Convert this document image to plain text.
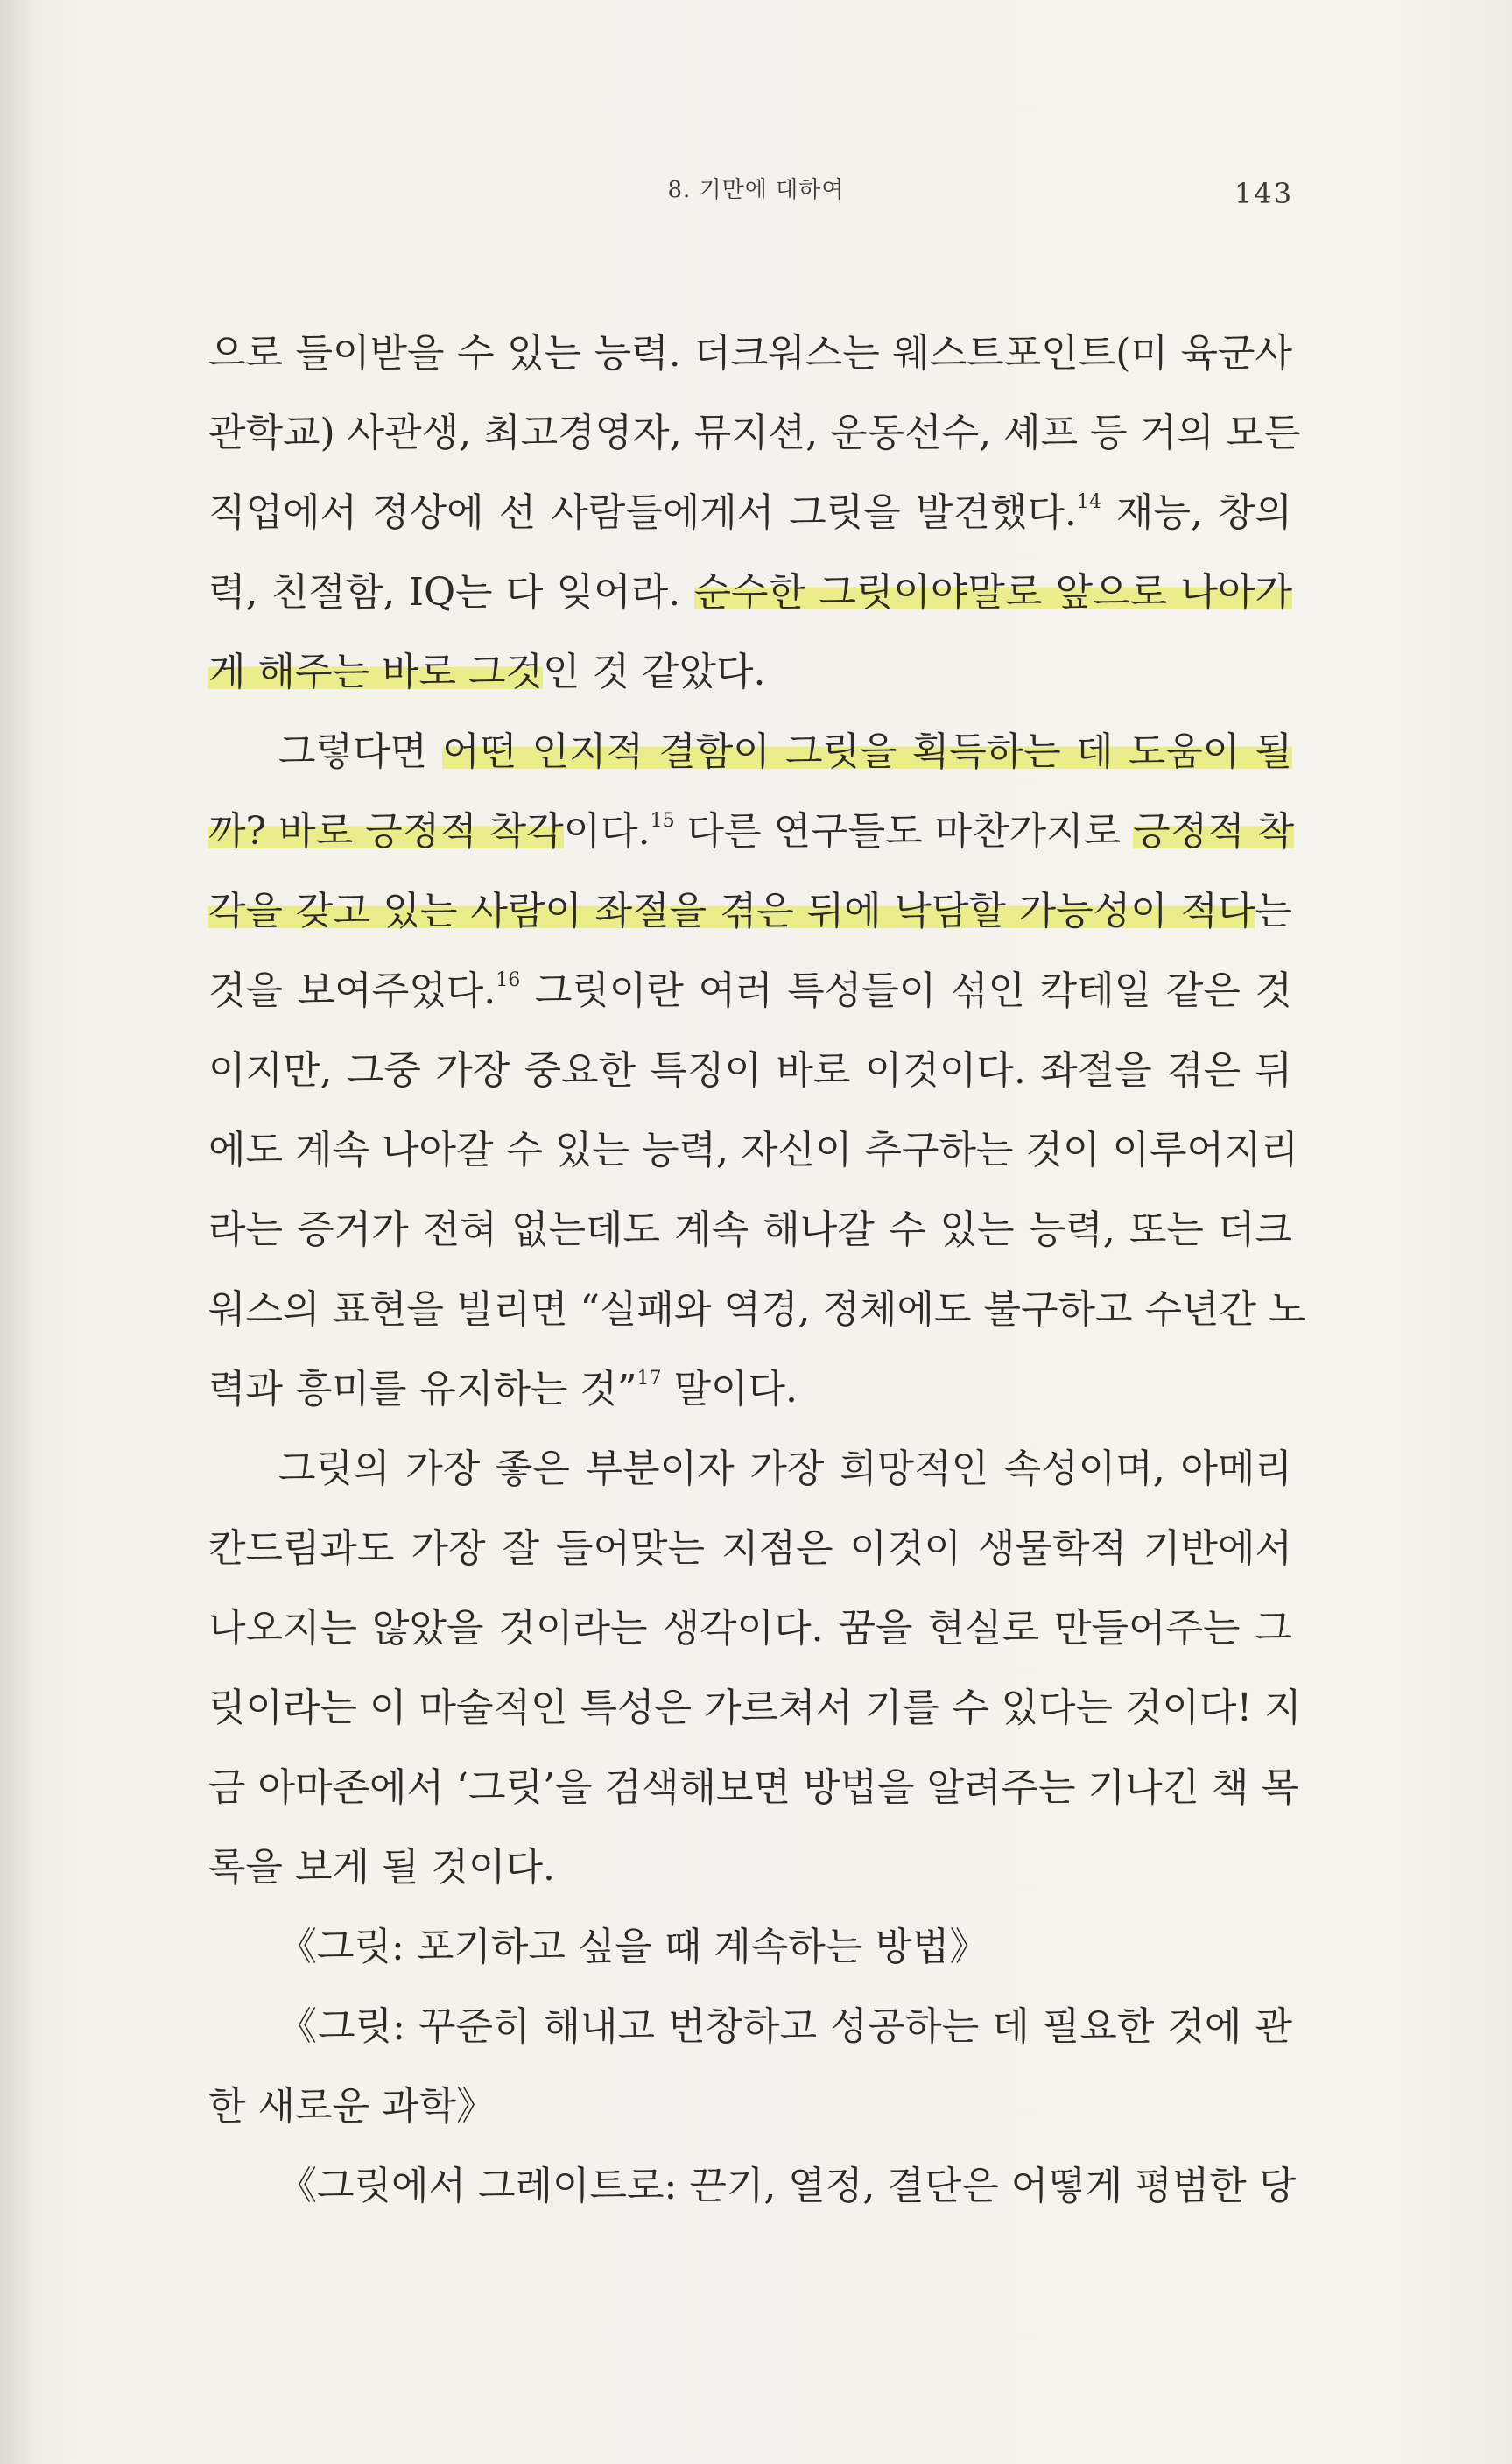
8. 기만에 대하여	143
으로 들이받을 수 있는 능력. 더크워스는 웨스트포인트(미 육군사
관학교) 사관생, 최고경영자, 뮤지션, 운동선수, 셰프 등 거의 모든
직업에서 정상에 선 사람들에게서 그릿을 발견했다.$^{14}$ 재능, 창의
력, 친절함, IQ는 다 잊어라. 순수한 그릿이야말로 앞으로 나아가
게 해주는 바로 그것인 것 같았다.
그렇다면 어떤 인지적 결함이 그릿을 획득하는 데 도움이 될
까? 바로 긍정적 착각이다.$^{15}$ 다른 연구들도 마찬가지로 긍정적 착
각을 갖고 있는 사람이 좌절을 겪은 뒤에 낙담할 가능성이 적다는
것을 보여주었다.$^{16}$ 그릿이란 여러 특성들이 섞인 칵테일 같은 것
이지만, 그중 가장 중요한 특징이 바로 이것이다. 좌절을 겪은 뒤
에도 계속 나아갈 수 있는 능력, 자신이 추구하는 것이 이루어지리
라는 증거가 전혀 없는데도 계속 해나갈 수 있는 능력, 또는 더크
워스의 표현을 빌리면 “실패와 역경, 정체에도 불구하고 수년간 노
력과 흥미를 유지하는 것”$^{17}$ 말이다.
그릿의 가장 좋은 부분이자 가장 희망적인 속성이며, 아메리
칸드림과도 가장 잘 들어맞는 지점은 이것이 생물학적 기반에서
나오지는 않았을 것이라는 생각이다. 꿈을 현실로 만들어주는 그
릿이라는 이 마술적인 특성은 가르쳐서 기를 수 있다는 것이다! 지
금 아마존에서 ‘그릿’을 검색해보면 방법을 알려주는 기나긴 책 목
록을 보게 될 것이다.
《그릿: 포기하고 싶을 때 계속하는 방법》
《그릿: 꾸준히 해내고 번창하고 성공하는 데 필요한 것에 관
한 새로운 과학》
《그릿에서 그레이트로: 끈기, 열정, 결단은 어떻게 평범한 당
